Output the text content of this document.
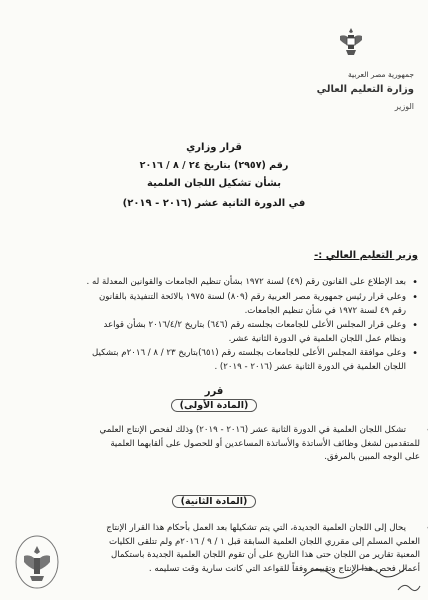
جمهورية مصر العربية
وزارة التعليم العالي
الوزير
قرار وزاري
رقم (٢٩٥٧) بتاريخ ٢٤ / ٨ / ٢٠١٦
بشأن تشكيل اللجان العلمية
في الدورة الثانية عشر (٢٠١٦ - ٢٠١٩)
وزير التعليم العالي :-
• بعد الإطلاع على القانون رقم (٤٩) لسنة ١٩٧٢ بشأن تنظيم الجامعات والقوانين المعدلة له .
• وعلى قرار رئيس جمهورية مصر العربية رقم (٨٠٩) لسنة ١٩٧٥ بالائحة التنفيذية بالقانون
رقم ٤٩ لسنة ١٩٧٢ في شأن تنظيم الجامعات.
• وعلى قرار المجلس الأعلى للجامعات بجلسته رقم (٦٤٦) بتاريخ ٢٠١٦/٤/٢ بشأن قواعد
ونظام عمل اللجان العلمية في الدورة الثانية عشر.
• وعلى موافقة المجلس الأعلى للجامعات بجلسته رقم (٦٥١)بتاريخ ٢٣ / ٨ / ٢٠١٦م بتشكيل
اللجان العلمية في الدورة الثانية عشر (٢٠١٦ - ٢٠١٩) .
قرر
(المادة الأولى)

• تشكل اللجان العلمية في الدورة الثانية عشر (٢٠١٦ - ٢٠١٩) وذلك لفحص الإنتاج العلمي

للمتقدمين لشغل وظائف الأساتذة والأساتذة المساعدين أو للحصول على ألقابهما العلمية

على الوجه المبين بالمرفق.

(المادة الثانية)

• يحال إلى اللجان العلمية الجديدة، التي يتم تشكيلها بعد العمل بأحكام هذا القرار الإنتاج

العلمي المسلم إلى مقرري اللجان العلمية السابقة قبل ١ / ٩ / ٢٠١٦م ولم تتلقى الكليات

المعنية تقارير من اللجان حتى هذا التاريخ على أن تقوم اللجان العلمية الجديدة باستكمال

أعمال فحص هذا الإنتاج وتقييمه وفقاً للقواعد التي كانت سارية وقت تسليمه .
